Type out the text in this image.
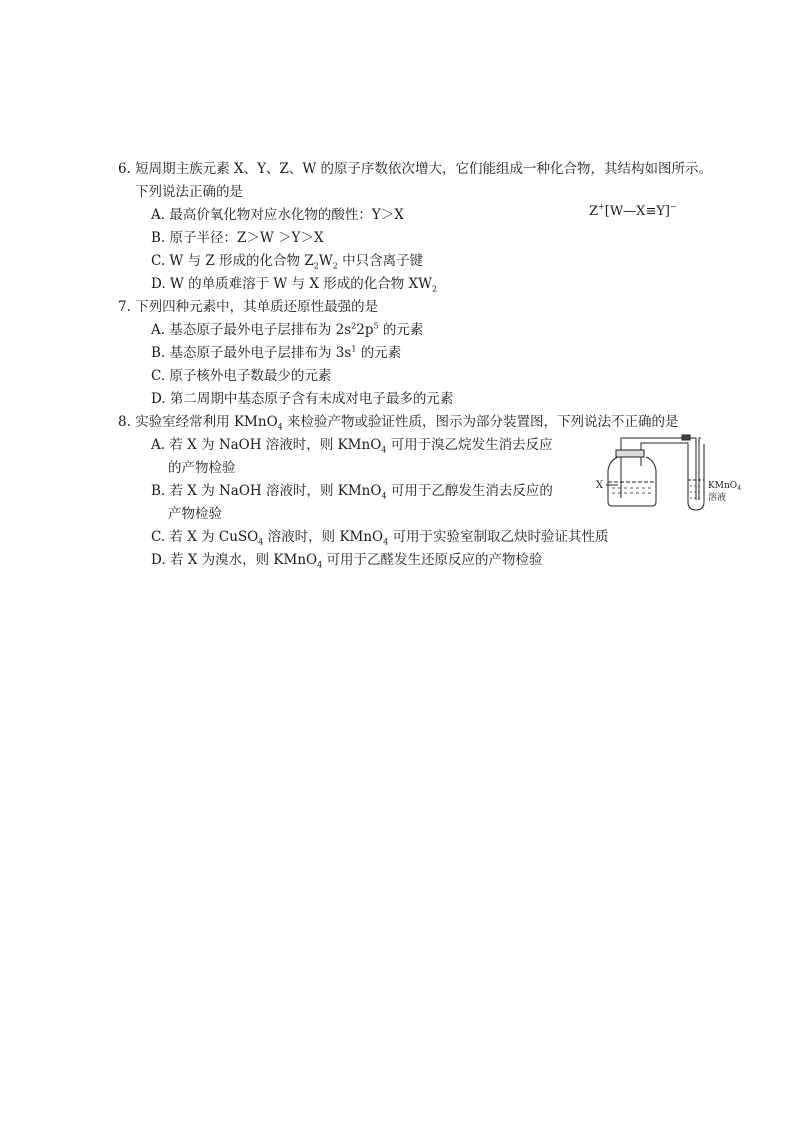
6. 短周期主族元素 X、Y、Z、W 的原子序数依次增大，它们能组成一种化合物，其结构如图所示。
下列说法正确的是
A. 最高价氧化物对应水化物的酸性：Y＞X
B. 原子半径：Z＞W ＞Y＞X
C. W 与 Z 形成的化合物 $Z_2W_2$ 中只含离子键
D. W 的单质难溶于 W 与 X 形成的化合物 $XW_2$
Z+[W—X≡Y]−
7. 下列四种元素中，其单质还原性最强的是
A. 基态原子最外电子层排布为 $2s^22p^5$ 的元素
B. 基态原子最外电子层排布为 $3s^1$ 的元素
C. 原子核外电子数最少的元素
D. 第二周期中基态原子含有未成对电子最多的元素
8. 实验室经常利用 KMnO$_4$ 来检验产物或验证性质，图示为部分装置图，下列说法不正确的是
A. 若 X 为 NaOH 溶液时，则 KMnO$_4$ 可用于溴乙烷发生消去反应
的产物检验
B. 若 X 为 NaOH 溶液时，则 KMnO$_4$ 可用于乙醇发生消去反应的
产物检验
C. 若 X 为 CuSO$_4$ 溶液时，则 KMnO$_4$ 可用于实验室制取乙炔时验证其性质
D. 若 X 为溴水，则 KMnO$_4$ 可用于乙醛发生还原反应的产物检验
X	KMnO$_4$
溶液
